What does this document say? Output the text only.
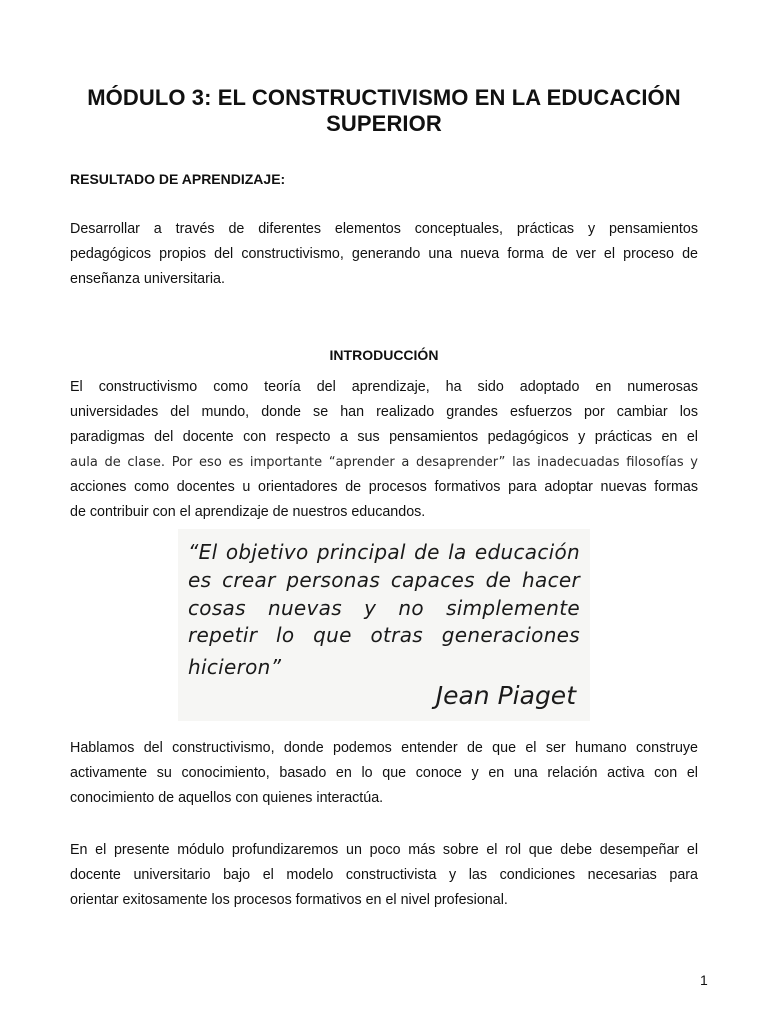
MÓDULO 3: EL CONSTRUCTIVISMO EN LA EDUCACIÓN
SUPERIOR
RESULTADO DE APRENDIZAJE:
Desarrollar a través de diferentes elementos conceptuales, prácticas y pensamientos
pedagógicos propios del constructivismo, generando una nueva forma de ver el proceso de
enseñanza universitaria.
INTRODUCCIÓN
El constructivismo como teoría del aprendizaje, ha sido adoptado en numerosas
universidades del mundo, donde se han realizado grandes esfuerzos por cambiar los
paradigmas del docente con respecto a sus pensamientos pedagógicos y prácticas en el
aula de clase. Por eso es importante “aprender a desaprender” las inadecuadas filosofías y
acciones como docentes u orientadores de procesos formativos para adoptar nuevas formas
de contribuir con el aprendizaje de nuestros educandos.
“El objetivo principal de la educación
es crear personas capaces de hacer
cosas nuevas y no simplemente
repetir lo que otras generaciones
hicieron”
Jean Piaget
Hablamos del constructivismo, donde podemos entender de que el ser humano construye
activamente su conocimiento, basado en lo que conoce y en una relación activa con el
conocimiento de aquellos con quienes interactúa.
En el presente módulo profundizaremos un poco más sobre el rol que debe desempeñar el
docente universitario bajo el modelo constructivista y las condiciones necesarias para
orientar exitosamente los procesos formativos en el nivel profesional.
1
